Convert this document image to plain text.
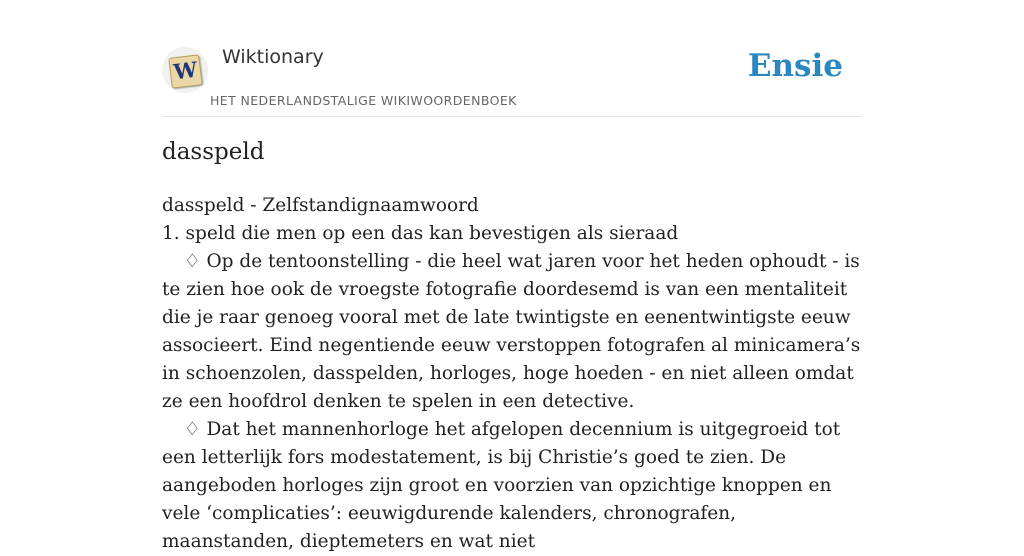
W Wiktionary
HET NEDERLANDSTALIGE WIKIWOORDENBOEK
Ensie
dasspeld

dasspeld - Zelfstandignaamwoord

1. speld die men op een das kan bevestigen als sieraad

♢ Op de tentoonstelling - die heel wat jaren voor het heden ophoudt - is te zien hoe ook de vroegste fotografie doordesemd is van een mentaliteit die je raar genoeg vooral met de late twintigste en eenentwintigste eeuw associeert. Eind negentiende eeuw verstoppen fotografen al minicamera’s in schoenzolen, dasspelden, horloges, hoge hoeden - en niet alleen omdat ze een hoofdrol denken te spelen in een detective.

♢ Dat het mannenhorloge het afgelopen decennium is uitgegroeid tot een letterlijk fors modestatement, is bij Christie’s goed te zien. De aangeboden horloges zijn groot en voorzien van opzichtige knoppen en vele ‘complicaties’: eeuwigdurende kalenders, chronografen, maanstanden, dieptemeters en wat niet
